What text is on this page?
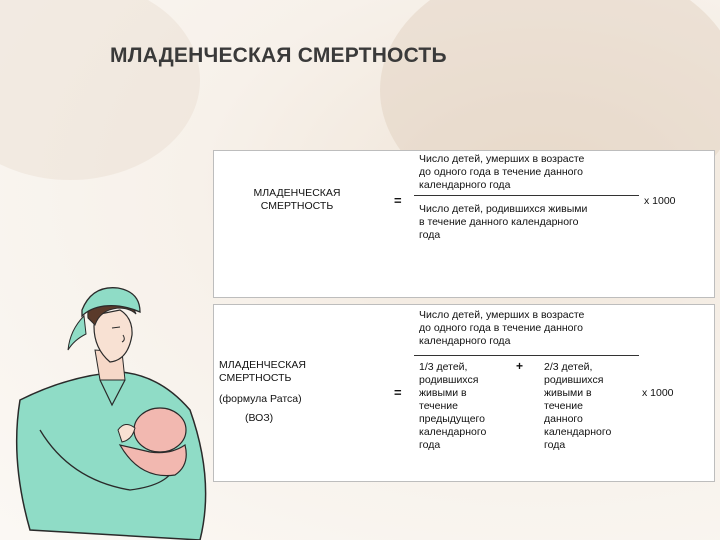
МЛАДЕНЧЕСКАЯ СМЕРТНОСТЬ
МЛАДЕНЧЕСКАЯ
СМЕРТНОСТЬ	=
Число детей, умерших в возрасте
до одного года в течение данного
календарного года
Число детей, родившихся живыми
в течение данного календарного
года
х 1000
МЛАДЕНЧЕСКАЯ
СМЕРТНОСТЬ
(формула Ратса)
(ВОЗ)
=
Число детей, умерших в возрасте
до одного года в течение данного
календарного года
1/3 детей,
родившихся
живыми в
течение
предыдущего
календарного
года
+ 2/3 детей,
родившихся
живыми в
течение
данного
календарного
года
х 1000
